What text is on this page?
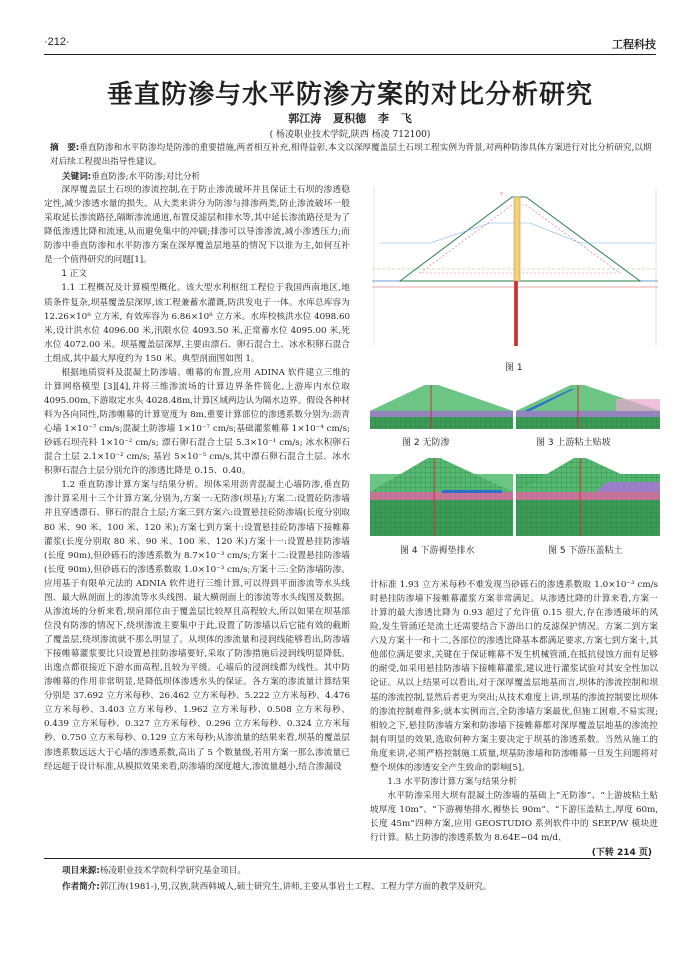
·212·	工程科技
垂直防渗与水平防渗方案的对比分析研究
郭江涛 夏积德 李 飞
( 杨凌职业技术学院,陕西 杨凌 712100)
摘　要:垂直防渗和水平防渗均是防渗的重要措施,两者相互补充,相得益彰,本文以深厚覆盖层土石坝工程实例为背景,对两种防渗具体方案进行对比分析研究,以期对后续工程提出指导性建议。
关键词:垂直防渗;水平防渗;对比分析

深厚覆盖层土石坝的渗流控制,在于防止渗流破坏并且保证土石坝的渗透稳定性,减少渗透水量的损失。从大类来讲分为防渗与排渗两类,防止渗流破坏一般采取延长渗流路径,隔断渗流通道,布置反滤层和排水等,其中延长渗流路径是为了降低渗透比降和流速,从而避免集中的冲刷;排渗可以导渗渗流,减小渗透压力;而防渗中垂直防渗和水平防渗方案在深厚覆盖层地基的情况下以谁为主,如何互补是一个值得研究的问题[1]。

1 正文

1.1 工程概况及计算模型概化。该大型水利枢纽工程位于我国西南地区,地质条件复杂,坝基覆盖层深厚,该工程兼蓄水灌溉,防洪发电于一体。水库总库容为 12.26×10⁸ 立方米, 有效库容为 6.86×10⁸ 立方米。水库校核洪水位 4098.60 米,设计洪水位 4096.00 米,汛限水位 4093.50 米,正常蓄水位 4095.00 米,死水位 4072.00 米。坝基覆盖层深厚,主要由漂石、卵石混合土、冰水积卵石混合土组成,其中最大厚度约为 150 米。典型剖面图如图 1。

根据地质资料及混凝土防渗墙、帷幕的布置,应用 ADINA 软件建立三维的计算网格模型 [3][4],并将三维渗流场的计算边界条件简化,上游库内水位取 4095.00m,下游取定水头 4028.48m,计算区域两边认为隔水边界。假设各种材料为各向同性,防渗帷幕的计算宽度为 8m,重要计算部位的渗透系数分别为:沥青心墙 1×10⁻⁷ cm/s;混凝土防渗墙 1×10⁻⁷ cm/s;基础灌浆帷幕 1×10⁻⁴ cm/s;砂砾石坝壳料 1×10⁻² cm/s; 漂石卵石混合土层 5.3×10⁻¹ cm/s; 冰水积卵石混合土层 2.1×10⁻² cm/s; 基岩 5×10⁻⁵ cm/s,其中漂石卵石混合土层、冰水积卵石混合土层分别允许的渗透比降是 0.15、0.40。

1.2 垂直防渗计算方案与结果分析。坝体采用沥青混凝土心墙防渗,垂直防渗计算采用十三个计算方案,分别为,方案一:无防渗(坝基);方案二:设置砼防渗墙并且穿透漂石、卵石的混合土层;方案三到方案六:设置悬挂砼防渗墙(长度分别取 80 米、90 米、100 米、120 米);方案七到方案十:设置悬挂砼防渗墙下接帷幕灌浆(长度分别取 80 米、90 米、100 米、120 米)方案十一:设置悬挂防渗墙(长度 90m),但砂砾石的渗透系数为 8.7×10⁻³ cm/s;方案十二:设置悬挂防渗墙(长度 90m),但砂砾石的渗透系数取 1.0×10⁻³ cm/s;方案十三:全防渗墙防渗。应用基于有限单元法的 ADNIA 软件进行三维计算,可以得到平面渗流等水头线图、最大纵剖面上的渗流等水头线图、最大横剖面上的渗流等水头线图及数据。从渗流场的分析来看,坝肩部位由于覆盖层比较厚且高程较大,所以如果在坝基部位没有防渗的情况下,绕坝渗流主要集中于此,设置了防渗墙以后它能有效的截断了覆盖层,绕坝渗流就不那么明显了。从坝体的渗流量和浸润线能够看出,防渗墙下接帷幕灌浆要比只设置悬挂防渗墙要好,采取了防渗措施后浸润线明显降低。出逸点都很接近下游水面高程,且较为平缓。心墙后的浸润线都为线性。其中防渗帷幕的作用非常明显,是降低坝体渗透水头的保证。各方案的渗流量计算结果分别是 37.692 立方米每秒、26.462 立方米每秒、5.222 立方米每秒、4.476 立方米每秒、3.403 立方米每秒、1.962 立方米每秒、0.508 立方米每秒、0.439 立方米每秒、0.327 立方米每秒、0.296 立方米每秒、0.324 立方米每秒、0.750 立方米每秒、0.129 立方米每秒;从渗流量的结果来看,坝基的覆盖层渗透系数远远大于心墙的渗透系数,高出了 5 个数量级,若用方案一那么渗流量已经远超于设计标准,从模拟效果来看,防渗墙的深度越大,渗流量越小,结合渗漏设

▽
图 1
图 2 无防渗	图 3 上游粘土贴坡
图 4 下游褥垫排水	图 5 下游压盖粘土

计标准 1.93 立方米每秒不难发现当砂砾石的渗透系数取 1.0×10⁻³ cm/s 时悬挂防渗墙下接帷幕灌浆方案非常满足。从渗透比降的计算来看,方案一计算的最大渗透比降为 0.93 超过了允许值 0.15 很大,存在渗透破坏的风险,发生管涌还是流土还需要结合下游出口的反滤保护情况。方案二到方案六及方案十一和十二,各部位的渗透比降基本都满足要求,方案七到方案十,其他部位满足要求,关键在于保证帷幕不发生机械管涌,在抵抗侵蚀方面有足够的耐受,如采用悬挂防渗墙下接帷幕灌浆,建议进行灌浆试验对其安全性加以论证。从以上结果可以看出,对于深厚覆盖层地基而言,坝体的渗流控制和坝基的渗流控制,显然后者更为突出;从技术难度上讲,坝基的渗流控制要比坝体的渗流控制难得多;就本实例而言,全防渗墙方案最优,但施工困难,不易实现;相较之下,悬挂防渗墙方案和防渗墙下接帷幕都对深厚覆盖层地基的渗流控制有明显的效果,选取何种方案主要决定于坝基的渗透系数。当然从施工的角度来讲,必须严格控制施工质量,坝基防渗墙和防渗帷幕一旦发生问题将对整个坝体的渗透安全产生致命的影响[5]。

1.3 水平防渗计算方案与结果分析

水平防渗采用大坝有混凝土防渗墙的基础上“无防渗”、“上游坡粘土贴坡厚度 10m”、“下游褥垫排水,褥垫长 90m”、“下游压盖粘土,厚度 60m,长度 45m”四种方案,应用 GEOSTUDIO 系列软件中的 SEEP/W 模块进行计算。粘土防渗的渗透系数为 8.64E−04 m/d、

(下转 214 页)
项目来源:杨凌职业技术学院科学研究基金项目。
作者简介:郭江涛(1981-),男,汉族,陕西韩城人,硕士研究生,讲师,主要从事岩土工程、工程力学方面的教学及研究。
